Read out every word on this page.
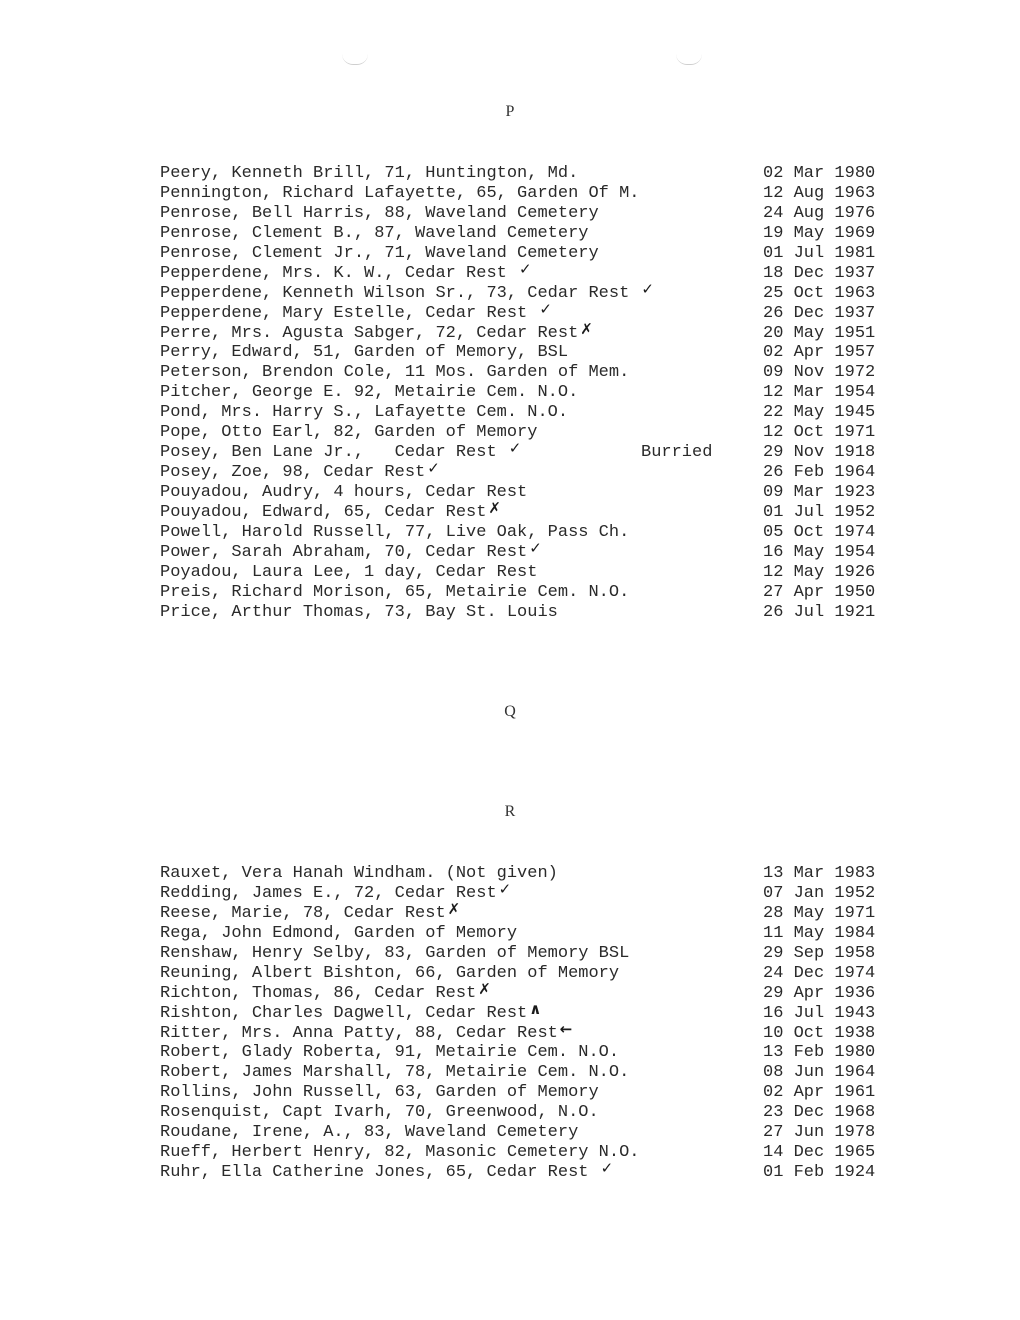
P
Peery, Kenneth Brill, 71, Huntington, Md.	02 Mar 1980
Pennington, Richard Lafayette, 65, Garden Of M.	12 Aug 1963
Penrose, Bell Harris, 88, Waveland Cemetery	24 Aug 1976
Penrose, Clement B., 87, Waveland Cemetery	19 May 1969
Penrose, Clement Jr., 71, Waveland Cemetery	01 Jul 1981
Pepperdene, Mrs. K. W., Cedar Rest	18 Dec 1937
✓
Pepperdene, Kenneth Wilson Sr., 73, Cedar Rest	25 Oct 1963
✓
Pepperdene, Mary Estelle, Cedar Rest	26 Dec 1937
✓
Perre, Mrs. Agusta Sabger, 72, Cedar Rest	20 May 1951
✗
Perry, Edward, 51, Garden of Memory, BSL	02 Apr 1957
Peterson, Brendon Cole, 11 Mos. Garden of Mem.	09 Nov 1972
Pitcher, George E. 92, Metairie Cem. N.O.	12 Mar 1954
Pond, Mrs. Harry S., Lafayette Cem. N.O.	22 May 1945
Pope, Otto Earl, 82, Garden of Memory	12 Oct 1971
Posey, Ben Lane Jr.,   Cedar Rest	Burried	29 Nov 1918
✓
Posey, Zoe, 98, Cedar Rest	26 Feb 1964
✓
Pouyadou, Audry, 4 hours, Cedar Rest	09 Mar 1923
Pouyadou, Edward, 65, Cedar Rest	01 Jul 1952
✗
Powell, Harold Russell, 77, Live Oak, Pass Ch.	05 Oct 1974
Power, Sarah Abraham, 70, Cedar Rest	16 May 1954
✓
Poyadou, Laura Lee, 1 day, Cedar Rest	12 May 1926
Preis, Richard Morison, 65, Metairie Cem. N.O.	27 Apr 1950
Price, Arthur Thomas, 73, Bay St. Louis	26 Jul 1921
Q
R
Rauxet, Vera Hanah Windham. (Not given)	13 Mar 1983
Redding, James E., 72, Cedar Rest	07 Jan 1952
✓
Reese, Marie, 78, Cedar Rest	28 May 1971
✗
Rega, John Edmond, Garden of Memory	11 May 1984
Renshaw, Henry Selby, 83, Garden of Memory BSL	29 Sep 1958
Reuning, Albert Bishton, 66, Garden of Memory	24 Dec 1974
Richton, Thomas, 86, Cedar Rest	29 Apr 1936
✗
Rishton, Charles Dagwell, Cedar Rest	16 Jul 1943
∧
Ritter, Mrs. Anna Patty, 88, Cedar Rest	10 Oct 1938
←
Robert, Glady Roberta, 91, Metairie Cem. N.O.	13 Feb 1980
Robert, James Marshall, 78, Metairie Cem. N.O.	08 Jun 1964
Rollins, John Russell, 63, Garden of Memory	02 Apr 1961
Rosenquist, Capt Ivarh, 70, Greenwood, N.O.	23 Dec 1968
Roudane, Irene, A., 83, Waveland Cemetery	27 Jun 1978
Rueff, Herbert Henry, 82, Masonic Cemetery N.O.	14 Dec 1965
Ruhr, Ella Catherine Jones, 65, Cedar Rest	01 Feb 1924
✓
